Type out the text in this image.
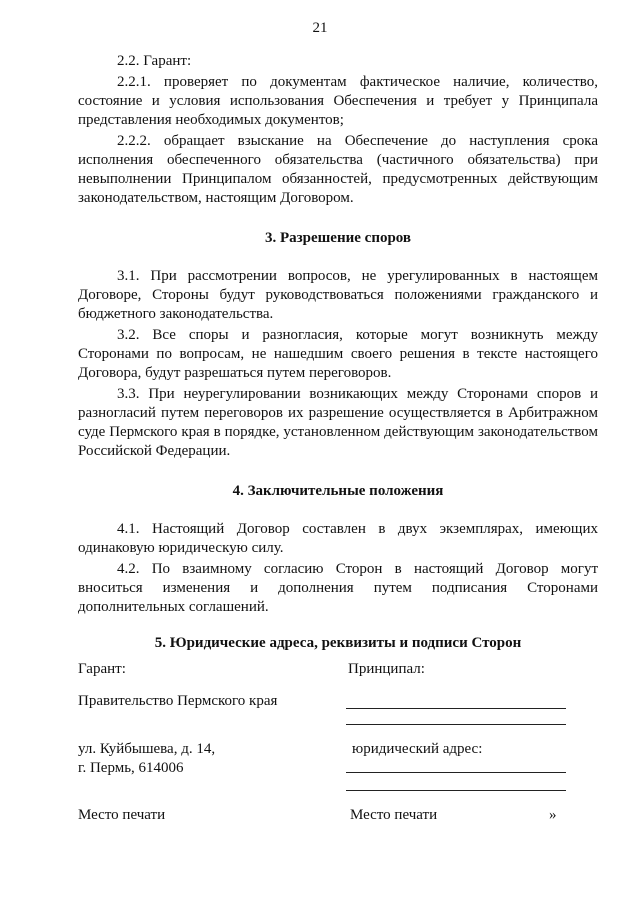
21

2.2. Гарант:

2.2.1. проверяет по документам фактическое наличие, количество, состояние и условия использования Обеспечения и требует у Принципала представления необходимых документов;

2.2.2. обращает взыскание на Обеспечение до наступления срока исполнения обеспеченного обязательства (частичного обязательства) при невыполнении Принципалом обязанностей, предусмотренных действующим законодательством, настоящим Договором.

3. Разрешение споров

3.1. При рассмотрении вопросов, не урегулированных в настоящем Договоре, Стороны будут руководствоваться положениями гражданского и бюджетного законодательства.

3.2. Все споры и разногласия, которые могут возникнуть между Сторонами по вопросам, не нашедшим своего решения в тексте настоящего Договора, будут разрешаться путем переговоров.

3.3. При неурегулировании возникающих между Сторонами споров и разногласий путем переговоров их разрешение осуществляется в Арбитражном суде Пермского края в порядке, установленном действующим законодательством Российской Федерации.

4. Заключительные положения

4.1. Настоящий Договор составлен в двух экземплярах, имеющих одинаковую юридическую силу.

4.2. По взаимному согласию Сторон в настоящий Договор могут вноситься изменения и дополнения путем подписания Сторонами дополнительных соглашений.

5. Юридические адреса, реквизиты и подписи Сторон
Гарант:	Принципал:
Правительство Пермского края
ул. Куйбышева, д. 14,
г. Пермь, 614006
юридический адрес:
Место печати	Место печати	»
